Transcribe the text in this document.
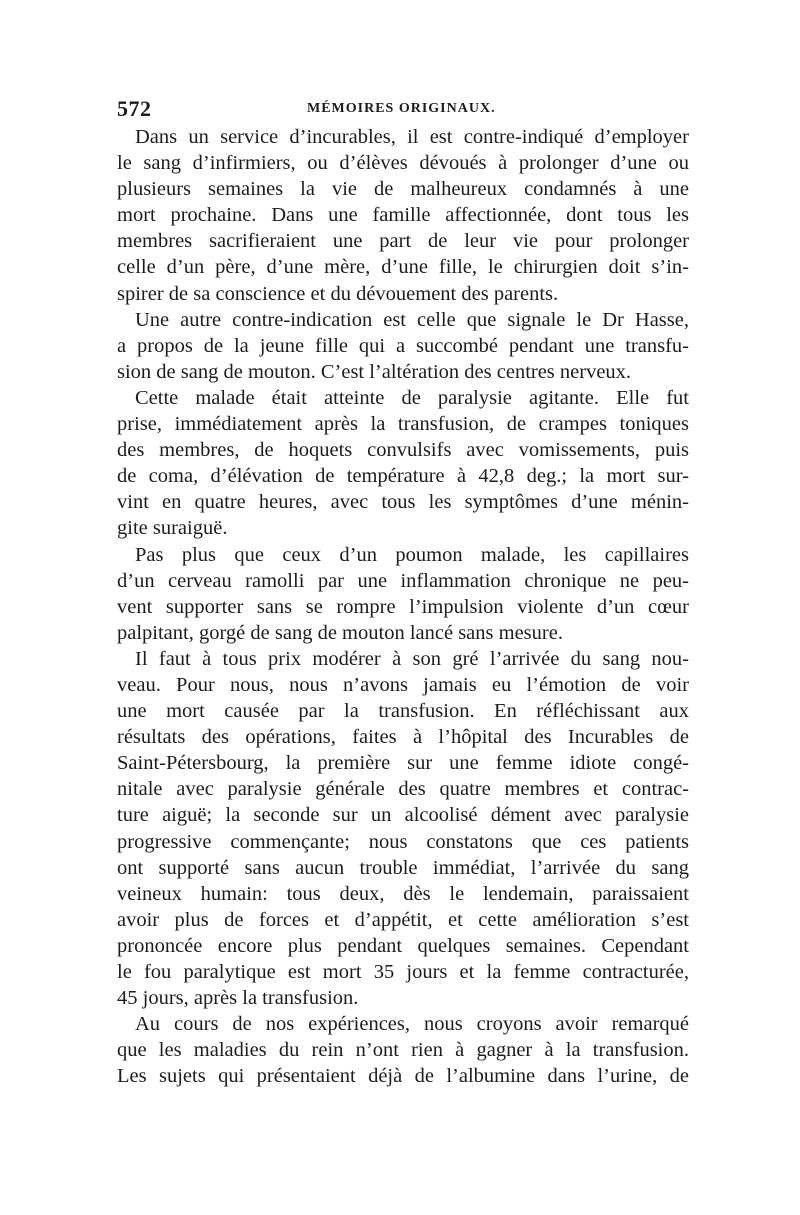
572	MÉMOIRES ORIGINAUX.
Dans un service d’incurables, il est contre-indiqué d’employer
le sang d’infirmiers, ou d’élèves dévoués à prolonger d’une ou
plusieurs semaines la vie de malheureux condamnés à une
mort prochaine. Dans une famille affectionnée, dont tous les
membres sacrifieraient une part de leur vie pour prolonger
celle d’un père, d’une mère, d’une fille, le chirurgien doit s’in-
spirer de sa conscience et du dévouement des parents.
Une autre contre-indication est celle que signale le Dr Hasse,
a propos de la jeune fille qui a succombé pendant une transfu-
sion de sang de mouton. C’est l’altération des centres nerveux.
Cette malade était atteinte de paralysie agitante. Elle fut
prise, immédiatement après la transfusion, de crampes toniques
des membres, de hoquets convulsifs avec vomissements, puis
de coma, d’élévation de température à 42,8 deg.; la mort sur-
vint en quatre heures, avec tous les symptômes d’une ménin-
gite suraiguë.
Pas plus que ceux d’un poumon malade, les capillaires
d’un cerveau ramolli par une inflammation chronique ne peu-
vent supporter sans se rompre l’impulsion violente d’un cœur
palpitant, gorgé de sang de mouton lancé sans mesure.
Il faut à tous prix modérer à son gré l’arrivée du sang nou-
veau. Pour nous, nous n’avons jamais eu l’émotion de voir
une mort causée par la transfusion. En réfléchissant aux
résultats des opérations, faites à l’hôpital des Incurables de
Saint-Pétersbourg, la première sur une femme idiote congé-
nitale avec paralysie générale des quatre membres et contrac-
ture aiguë; la seconde sur un alcoolisé dément avec paralysie
progressive commençante; nous constatons que ces patients
ont supporté sans aucun trouble immédiat, l’arrivée du sang
veineux humain: tous deux, dès le lendemain, paraissaient
avoir plus de forces et d’appétit, et cette amélioration s’est
prononcée encore plus pendant quelques semaines. Cependant
le fou paralytique est mort 35 jours et la femme contracturée,
45 jours, après la transfusion.
Au cours de nos expériences, nous croyons avoir remarqué
que les maladies du rein n’ont rien à gagner à la transfusion.
Les sujets qui présentaient déjà de l’albumine dans l’urine, de
